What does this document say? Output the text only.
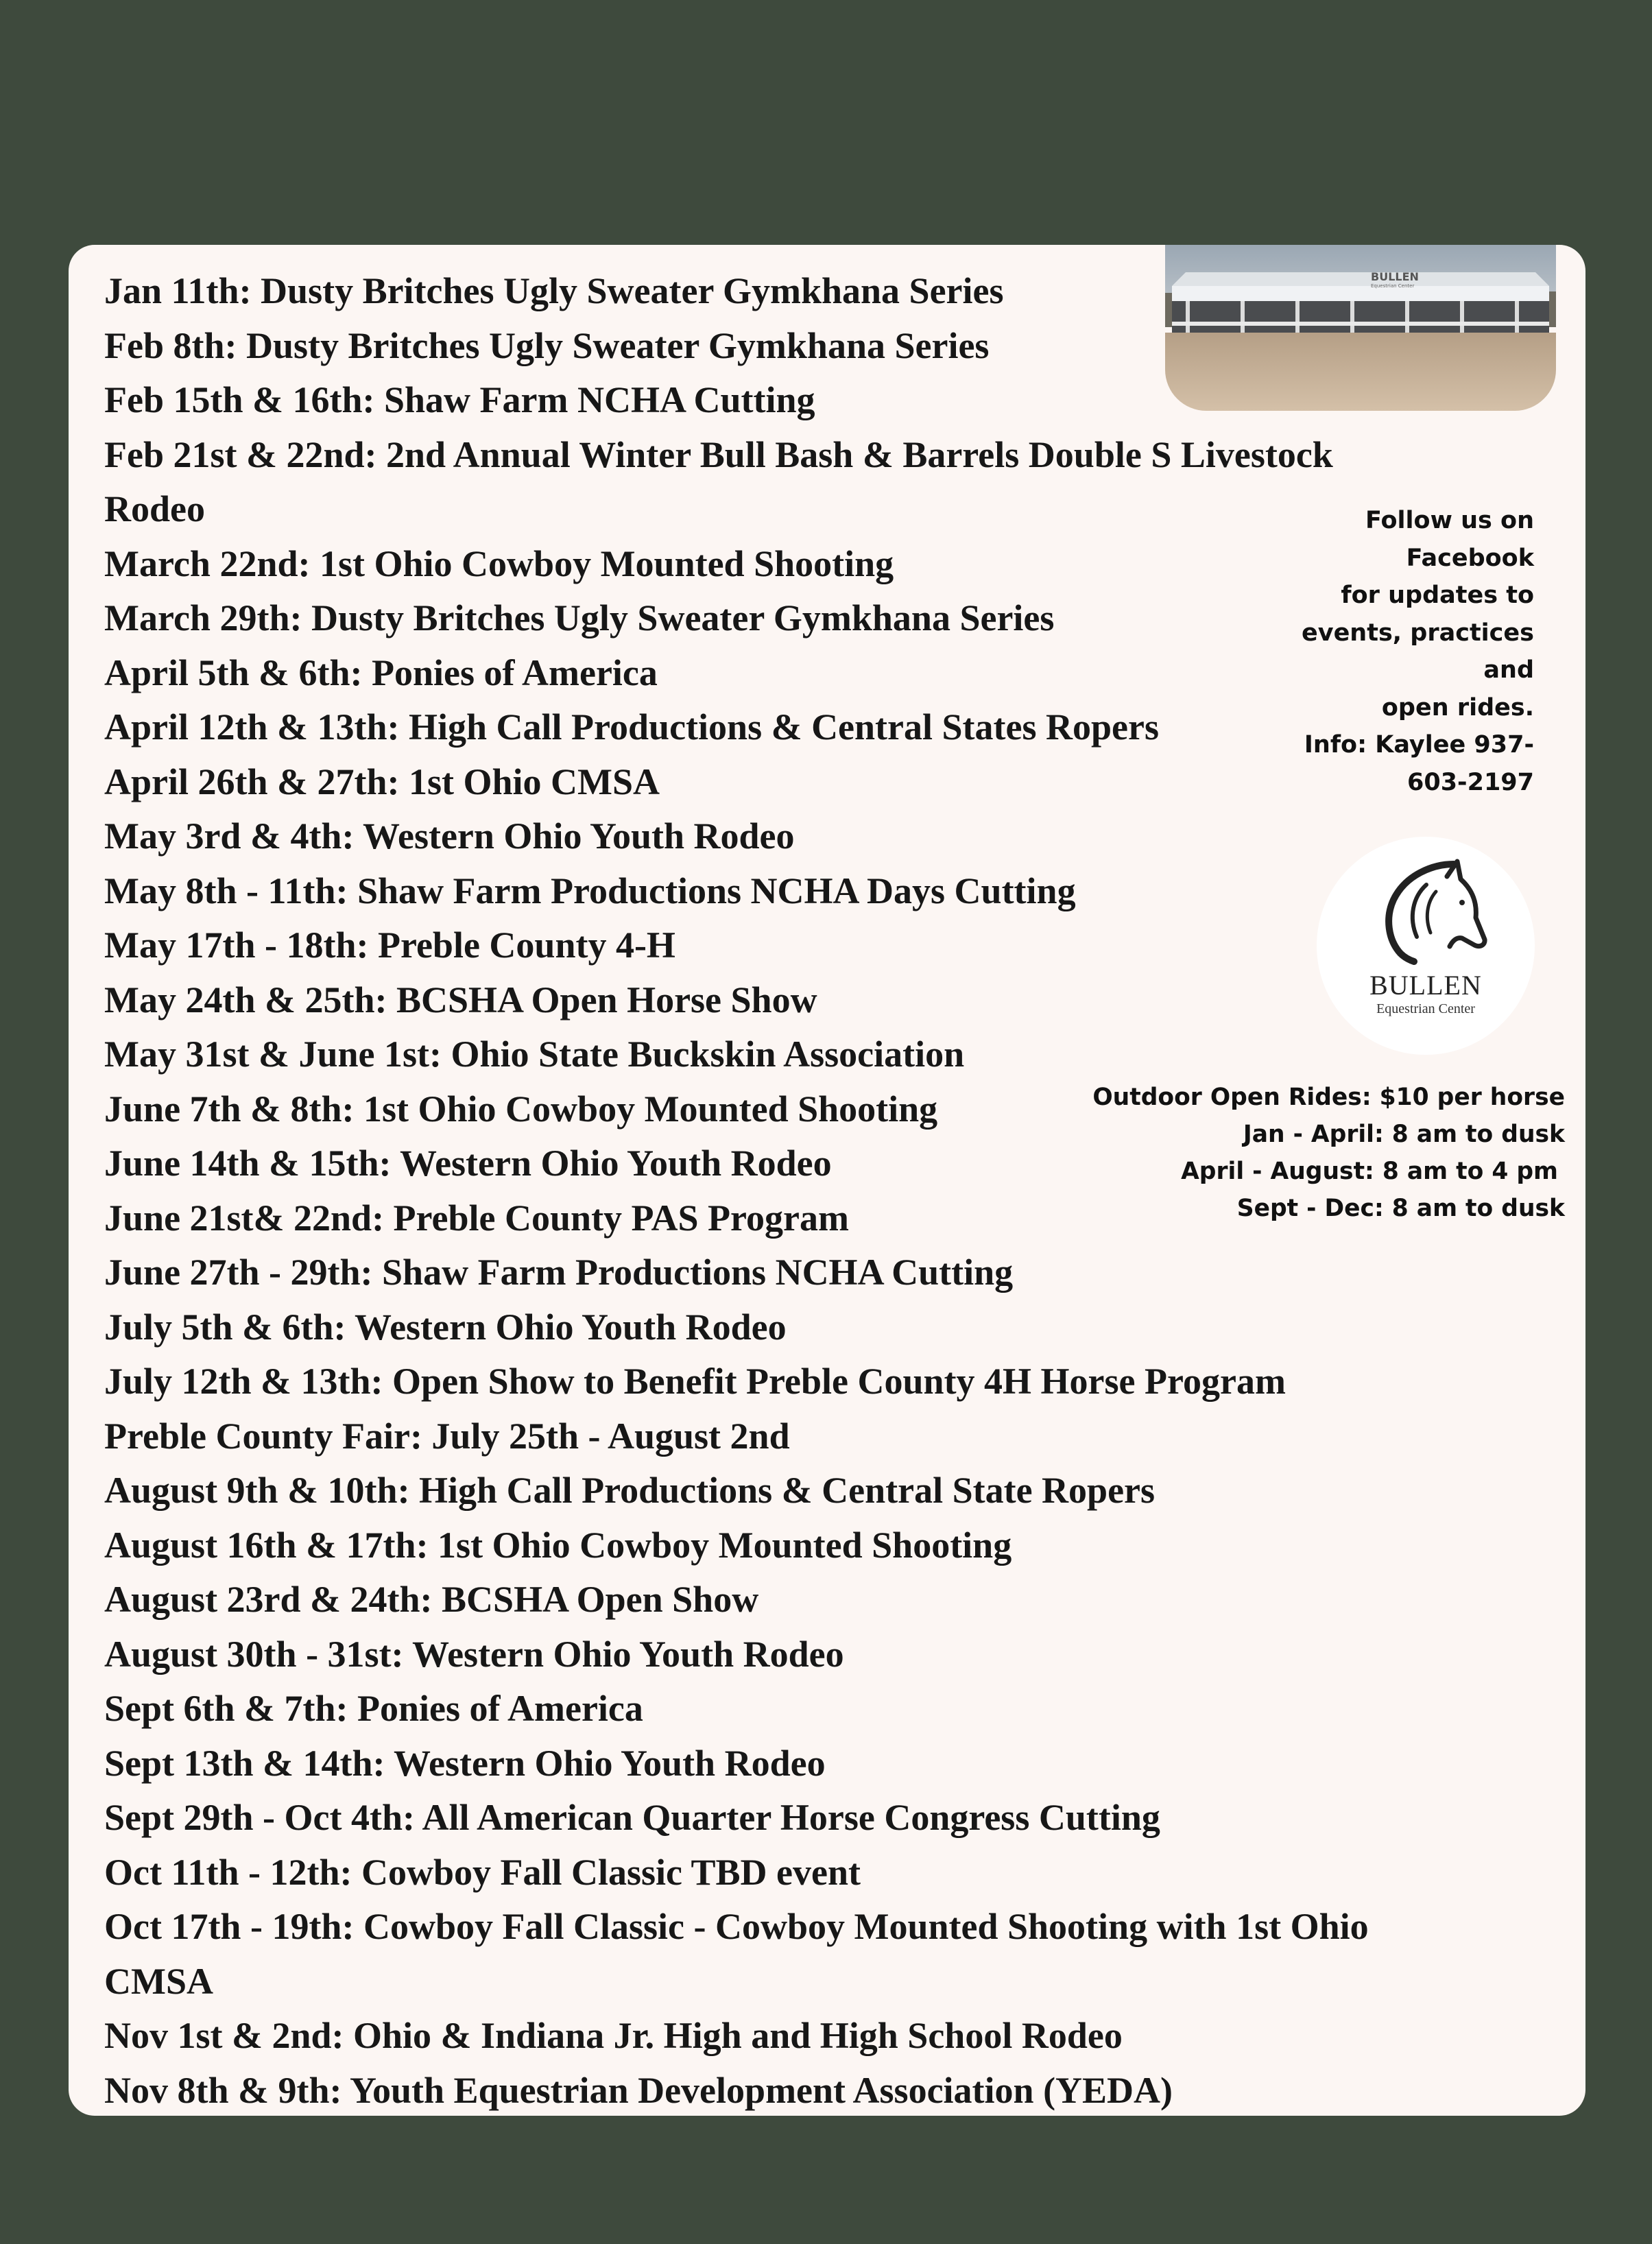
Jan 11th: Dusty Britches Ugly Sweater Gymkhana Series
Feb 8th: Dusty Britches Ugly Sweater Gymkhana Series
Feb 15th & 16th: Shaw Farm NCHA Cutting
Feb 21st & 22nd: 2nd Annual Winter Bull Bash & Barrels Double S Livestock
Rodeo
March 22nd: 1st Ohio Cowboy Mounted Shooting
March 29th: Dusty Britches Ugly Sweater Gymkhana Series
April 5th & 6th: Ponies of America
April 12th & 13th: High Call Productions & Central States Ropers
April 26th & 27th: 1st Ohio CMSA
May 3rd & 4th: Western Ohio Youth Rodeo
May 8th - 11th: Shaw Farm Productions NCHA Days Cutting
May 17th - 18th: Preble County 4-H
May 24th & 25th: BCSHA Open Horse Show
May 31st & June 1st: Ohio State Buckskin Association
June 7th & 8th: 1st Ohio Cowboy Mounted Shooting
June 14th & 15th: Western Ohio Youth Rodeo
June 21st& 22nd: Preble County PAS Program
June 27th - 29th: Shaw Farm Productions NCHA Cutting
July 5th & 6th: Western Ohio Youth Rodeo
July 12th & 13th: Open Show to Benefit Preble County 4H Horse Program
Preble County Fair: July 25th - August 2nd
August 9th & 10th: High Call Productions & Central State Ropers
August 16th & 17th: 1st Ohio Cowboy Mounted Shooting
August 23rd & 24th: BCSHA Open Show
August 30th - 31st: Western Ohio Youth Rodeo
Sept 6th & 7th: Ponies of America
Sept 13th & 14th: Western Ohio Youth Rodeo
Sept 29th - Oct 4th: All American Quarter Horse Congress Cutting
Oct 11th - 12th: Cowboy Fall Classic TBD event
Oct 17th - 19th: Cowboy Fall Classic - Cowboy Mounted Shooting with 1st Ohio
CMSA
Nov 1st & 2nd: Ohio & Indiana Jr. High and High School Rodeo
Nov 8th & 9th: Youth Equestrian Development Association (YEDA)
BULLEN
Equestrian Center
Follow us on
Facebook
for updates to
events, practices
and
open rides.
Info: Kaylee 937-
603-2197
BULLEN
Equestrian Center
Outdoor Open Rides: $10 per horse
Jan - April: 8 am to dusk
April - August: 8 am to 4 pm
Sept - Dec: 8 am to dusk
